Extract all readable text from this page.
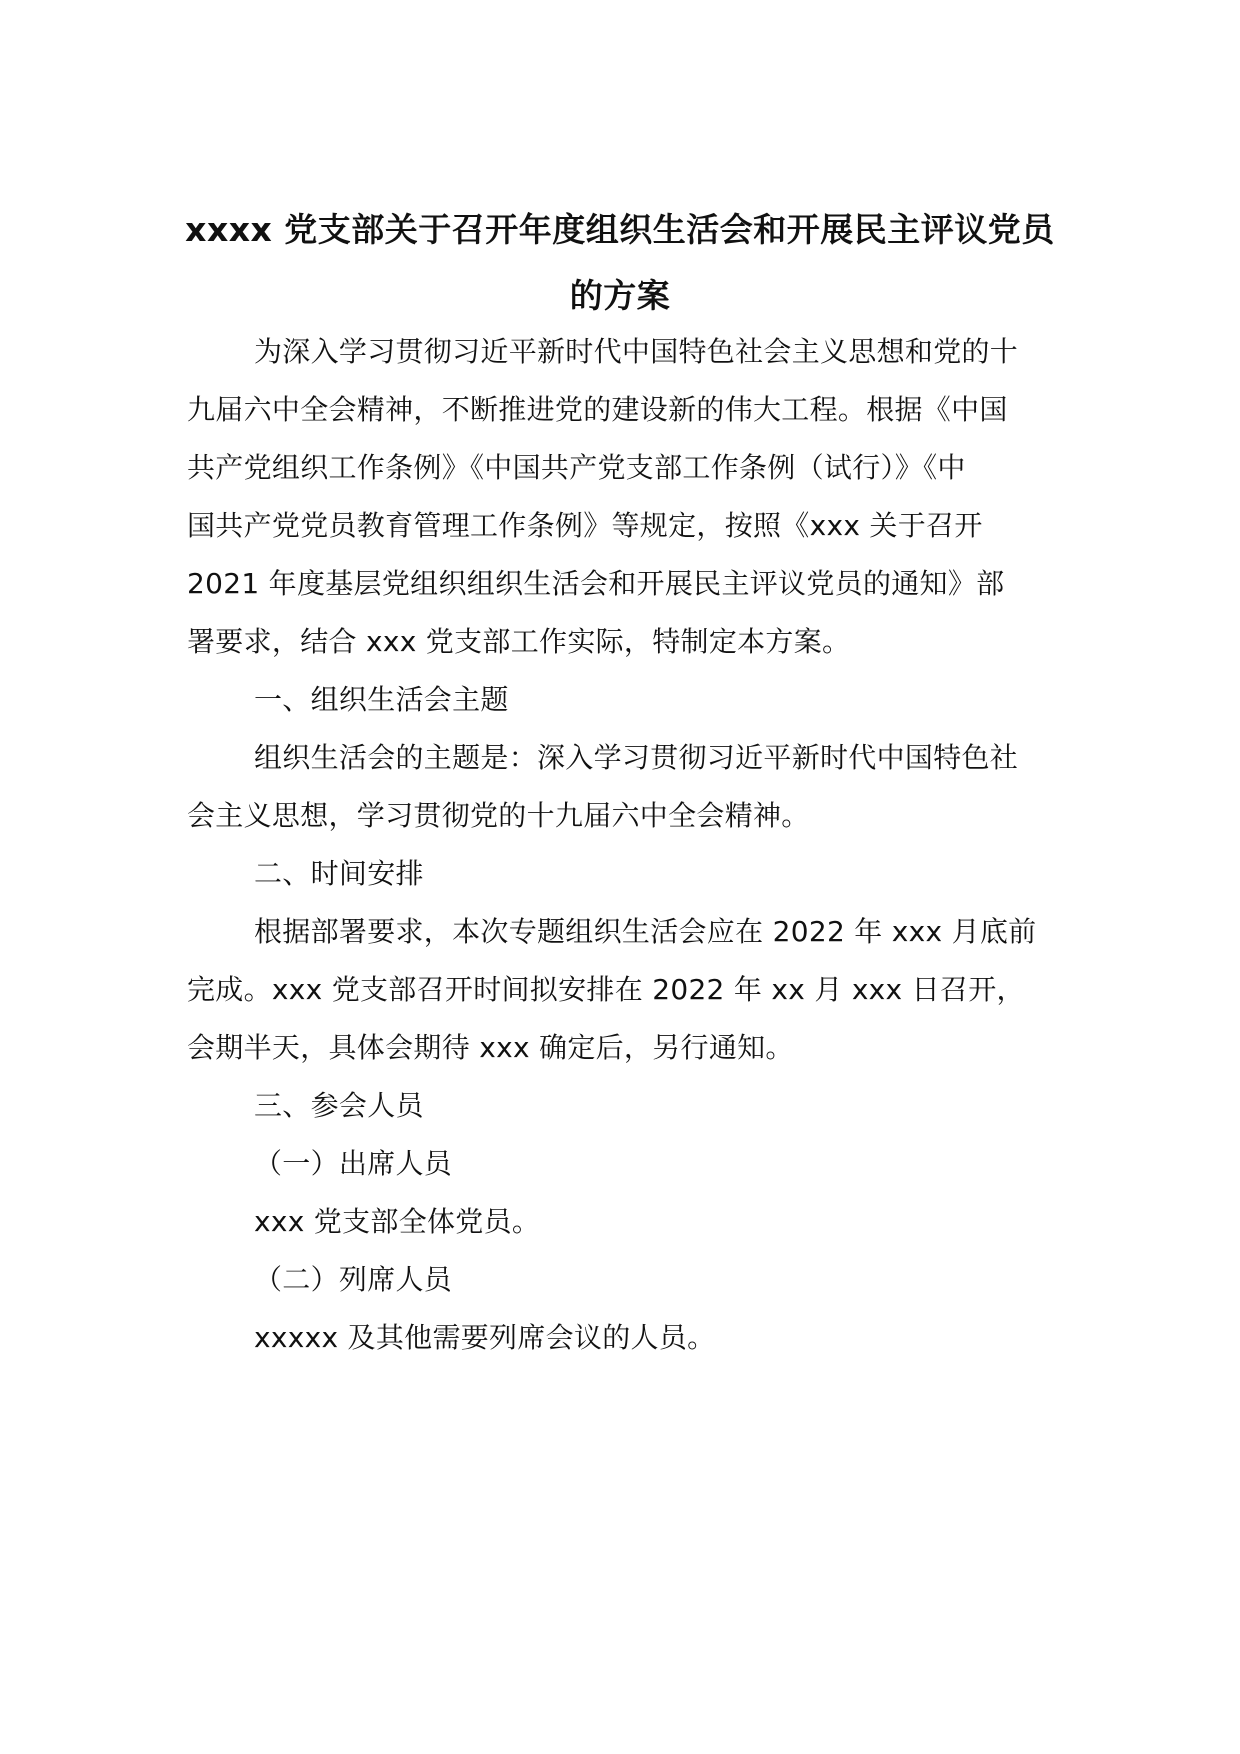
xxxx 党支部关于召开年度组织生活会和开展民主评议党员
的方案
为深入学习贯彻习近平新时代中国特色社会主义思想和党的十
九届六中全会精神，不断推进党的建设新的伟大工程。根据《中国
共产党组织工作条例》《中国共产党支部工作条例（试行）》《中
国共产党党员教育管理工作条例》等规定，按照《xxx 关于召开
2021 年度基层党组织组织生活会和开展民主评议党员的通知》部
署要求，结合 xxx 党支部工作实际，特制定本方案。
一、组织生活会主题
组织生活会的主题是：深入学习贯彻习近平新时代中国特色社
会主义思想，学习贯彻党的十九届六中全会精神。
二、时间安排
根据部署要求，本次专题组织生活会应在 2022 年 xxx 月底前
完成。xxx 党支部召开时间拟安排在 2022 年 xx 月 xxx 日召开，
会期半天，具体会期待 xxx 确定后，另行通知。
三、参会人员
（一）出席人员
xxx 党支部全体党员。
（二）列席人员
xxxxx 及其他需要列席会议的人员。
